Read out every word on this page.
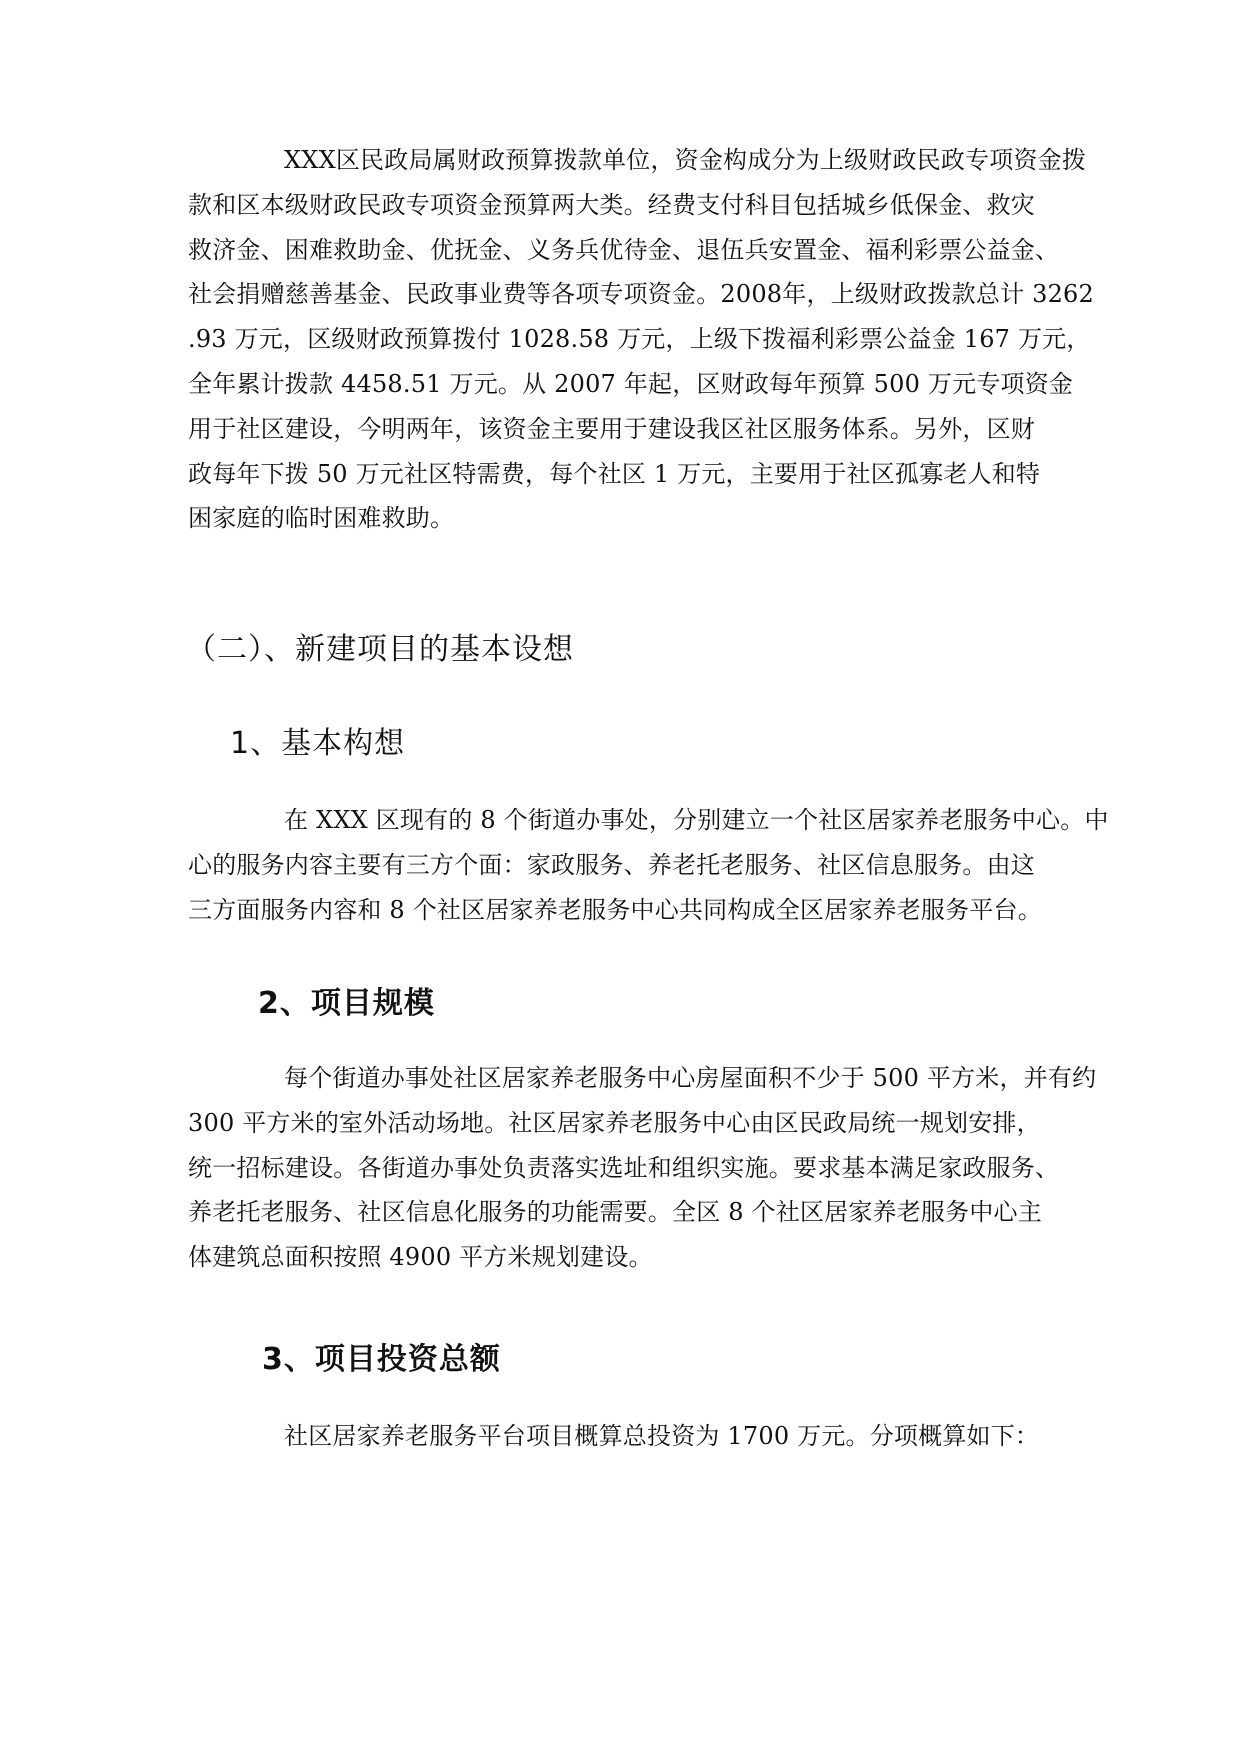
XXX区民政局属财政预算拨款单位，资金构成分为上级财政民政专项资金拨
款和区本级财政民政专项资金预算两大类。经费支付科目包括城乡低保金、救灾
救济金、困难救助金、优抚金、义务兵优待金、退伍兵安置金、福利彩票公益金、
社会捐赠慈善基金、民政事业费等各项专项资金。2008年，上级财政拨款总计 3262
.93 万元，区级财政预算拨付 1028.58 万元，上级下拨福利彩票公益金 167 万元，
全年累计拨款 4458.51 万元。从 2007 年起，区财政每年预算 500 万元专项资金
用于社区建设，今明两年，该资金主要用于建设我区社区服务体系。另外，区财
政每年下拨 50 万元社区特需费，每个社区 1 万元，主要用于社区孤寡老人和特
困家庭的临时困难救助。

（二）、新建项目的基本设想
1、基本构想

在 XXX 区现有的 8 个街道办事处，分别建立一个社区居家养老服务中心。中
心的服务内容主要有三方个面：家政服务、养老托老服务、社区信息服务。由这
三方面服务内容和 8 个社区居家养老服务中心共同构成全区居家养老服务平台。

2、项目规模

每个街道办事处社区居家养老服务中心房屋面积不少于 500 平方米，并有约
300 平方米的室外活动场地。社区居家养老服务中心由区民政局统一规划安排，
统一招标建设。各街道办事处负责落实选址和组织实施。要求基本满足家政服务、
养老托老服务、社区信息化服务的功能需要。全区 8 个社区居家养老服务中心主
体建筑总面积按照 4900 平方米规划建设。

3、项目投资总额

社区居家养老服务平台项目概算总投资为 1700 万元。分项概算如下：
